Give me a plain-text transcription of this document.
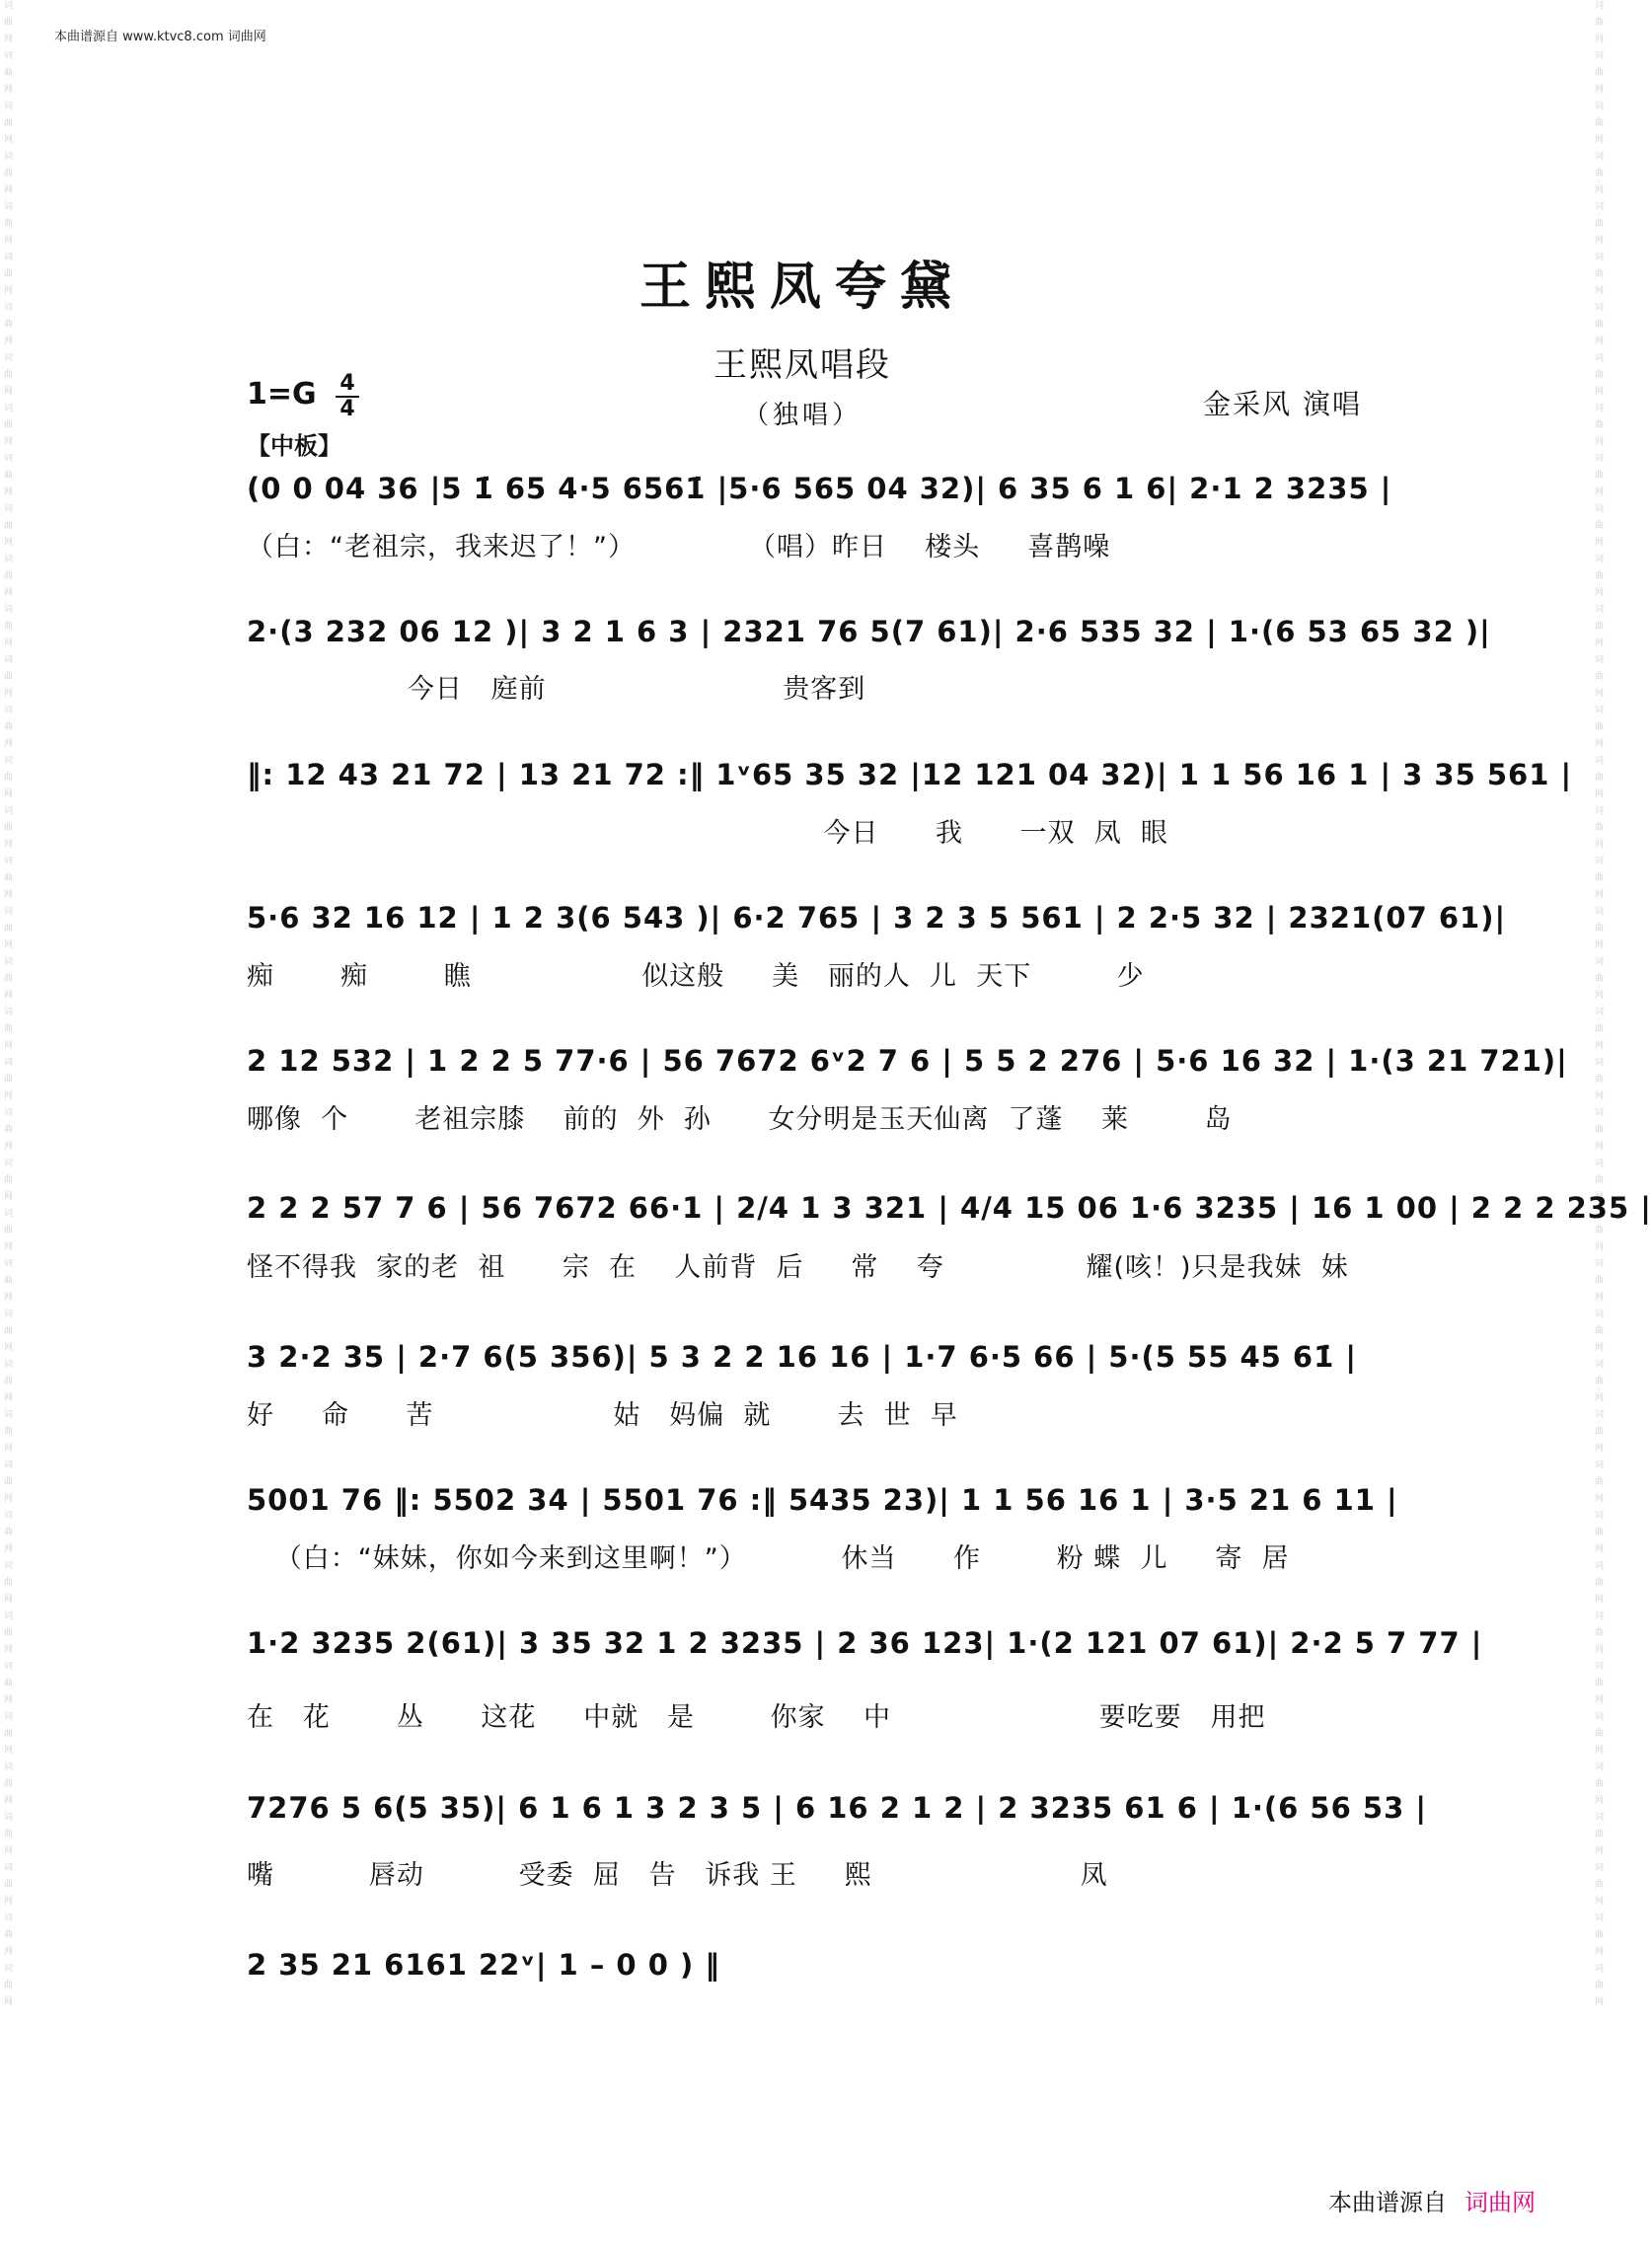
词曲网词曲网词曲网词曲网词曲网词曲网词曲网词曲网词曲网词曲网词曲网词曲网词曲网词曲网词曲网词曲网词曲网词曲网词曲网词曲网词曲网词曲网词曲网词曲网词曲网词曲网词曲网词曲网词曲网词曲网词曲网词曲网词曲网词曲网词曲网词曲网词曲网词曲网词曲网词曲网	词曲网词曲网词曲网词曲网词曲网词曲网词曲网词曲网词曲网词曲网词曲网词曲网词曲网词曲网词曲网词曲网词曲网词曲网词曲网词曲网词曲网词曲网词曲网词曲网词曲网词曲网词曲网词曲网词曲网词曲网词曲网词曲网词曲网词曲网词曲网词曲网词曲网词曲网词曲网词曲网
本曲谱源自 www.ktvc8.com 词曲网
王熙凤夸黛
王熙凤唱段
（独唱）
1=G 4
4	金采风 演唱
【中板】
(0 0 04 36 |5 1̇ 65 4·5 6561̇ |5·6 565 04 32)| 6 35 6 1 6| 2·1 2 3235 |
（白：“老祖宗，我来迟了！”）            （唱）昨日    楼头     喜鹊噪
2·(3 232 06 12 )| 3 2 1 6 3 | 2321 76 5(7 61)| 2·6 535 32 | 1·(6 53 65 32 )|
今日   庭前                         贵客到
‖: 12 43 21 72 | 13 21 72 :‖ 1ᵛ65 35 32 |12 121 04 32)| 1 1 56 16 1 | 3 35 561 |
今日      我      一双  凤  眼
5·6 32 16 12 | 1 2 3(6 543 )| 6·2 765 | 3 2 3 5 561 | 2 2·5 32 | 2321(07 61)|
痴       痴        瞧                  似这般     美   丽的人  儿  天下         少
2 12 532 | 1 2 2 5 77·6 | 56 7672 6ᵛ2 7 6 | 5 5 2 276 | 5·6 16 32 | 1·(3 21 721)|
哪像  个       老祖宗膝    前的  外  孙      女分明是玉天仙离  了蓬    莱        岛
2 2 2 57 7 6 | 56 7672 66·1 | 2/4 1 3 321 | 4/4 15 06 1·6 3235 | 16 1 00 | 2 2 2 235 |
怪不得我  家的老  祖      宗  在    人前背  后     常    夸               耀(咳！)只是我妹  妹
3 2·2 35 | 2·7 6(5 356)| 5 3 2 2 16 16 | 1·7 6·5 66 | 5·(5 55 45 61̇ |
好     命      苦                   姑   妈偏  就       去  世  早
5001 76 ‖: 5502 34 | 5501 76 :‖ 5435 23)| 1 1 56 16 1 | 3·5 21 6 11 |
（白：“妹妹，你如今来到这里啊！”）          休当      作        粉 蝶  儿     寄  居
1·2 3235 2(61)| 3 35 32 1 2 3235 | 2 36 123| 1·(2 121 07 61)| 2·2 5 7 77 |
在   花       丛      这花     中就   是        你家    中                      要吃要   用把
7276 5 6(5 35)| 6 1 6 1 3 2 3 5 | 6 16 2 1 2 | 2 3235 61 6 | 1·(6 56 53 |
嘴          唇动          受委  屈   告   诉我 王     熙                      凤
2 35 21 6161 22ᵛ| 1 – 0 0 ) ‖
本曲谱源自 词曲网
